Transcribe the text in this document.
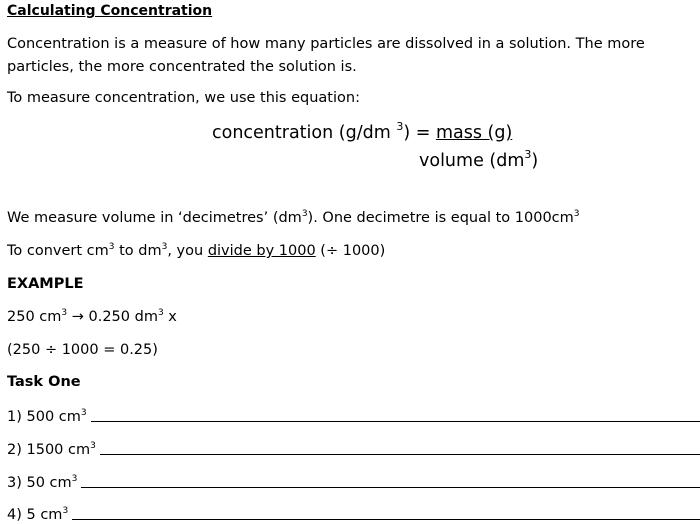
Calculating Concentration
Concentration is a measure of how many particles are dissolved in a solution. The more particles, the more concentrated the solution is.
To measure concentration, we use this equation:
concentration (g/dm $^3$) = mass (g)
volume $(dm^3)$
We measure volume in ‘decimetres’ $(dm^3)$. One decimetre is equal to $1000cm^3$
To convert $cm^3$ to $dm^3$, you divide by 1000 (÷ 1000)
EXAMPLE
250 $cm^3 \to 0.250$ $dm^3$ x
(250 ÷ 1000 = 0.25)
Task One
1) 500 $cm^3$
2) 1500 $cm^3$
3) 50 $cm^3$
4) 5 $cm^3$
